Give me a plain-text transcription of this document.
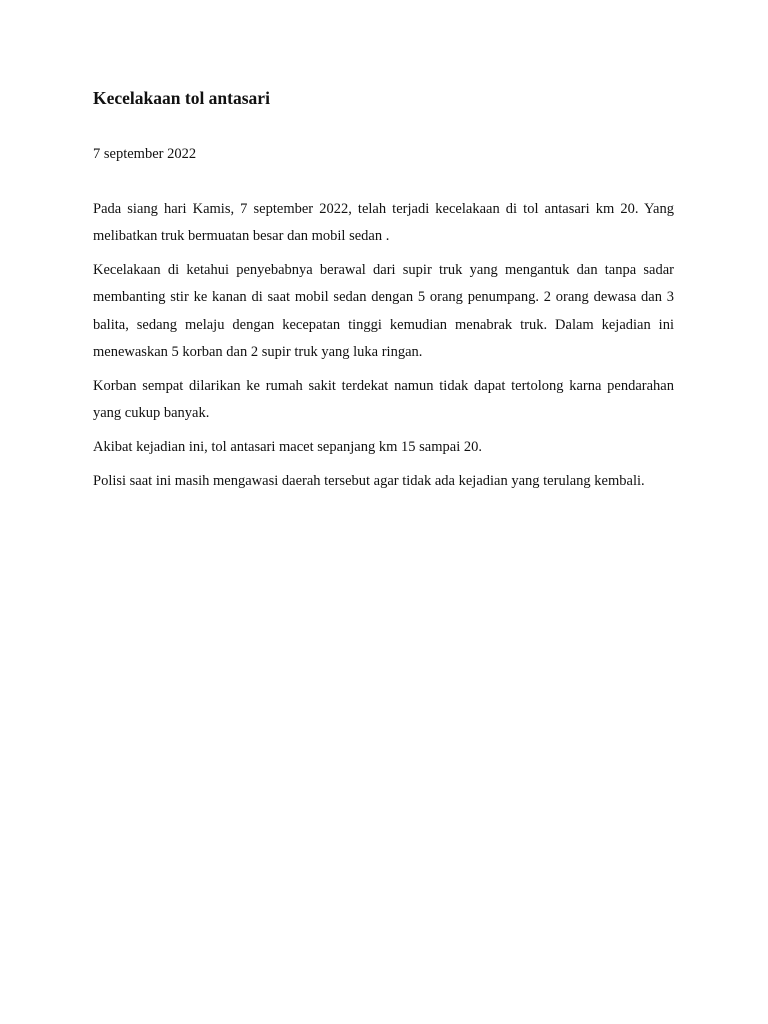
Kecelakaan tol antasari

7 september 2022

Pada siang hari Kamis, 7 september 2022, telah terjadi kecelakaan di tol antasari km 20. Yang melibatkan truk bermuatan besar dan mobil sedan .

Kecelakaan di ketahui penyebabnya berawal dari supir truk yang mengantuk dan tanpa sadar membanting stir ke kanan di saat mobil sedan dengan 5 orang penumpang. 2 orang dewasa dan 3 balita, sedang melaju dengan kecepatan tinggi kemudian menabrak truk. Dalam kejadian ini menewaskan 5 korban dan 2 supir truk yang luka ringan.

Korban sempat dilarikan ke rumah sakit terdekat namun tidak dapat tertolong karna pendarahan yang cukup banyak.

Akibat kejadian ini, tol antasari macet sepanjang km 15 sampai 20.

Polisi saat ini masih mengawasi daerah tersebut agar tidak ada kejadian yang terulang kembali.
